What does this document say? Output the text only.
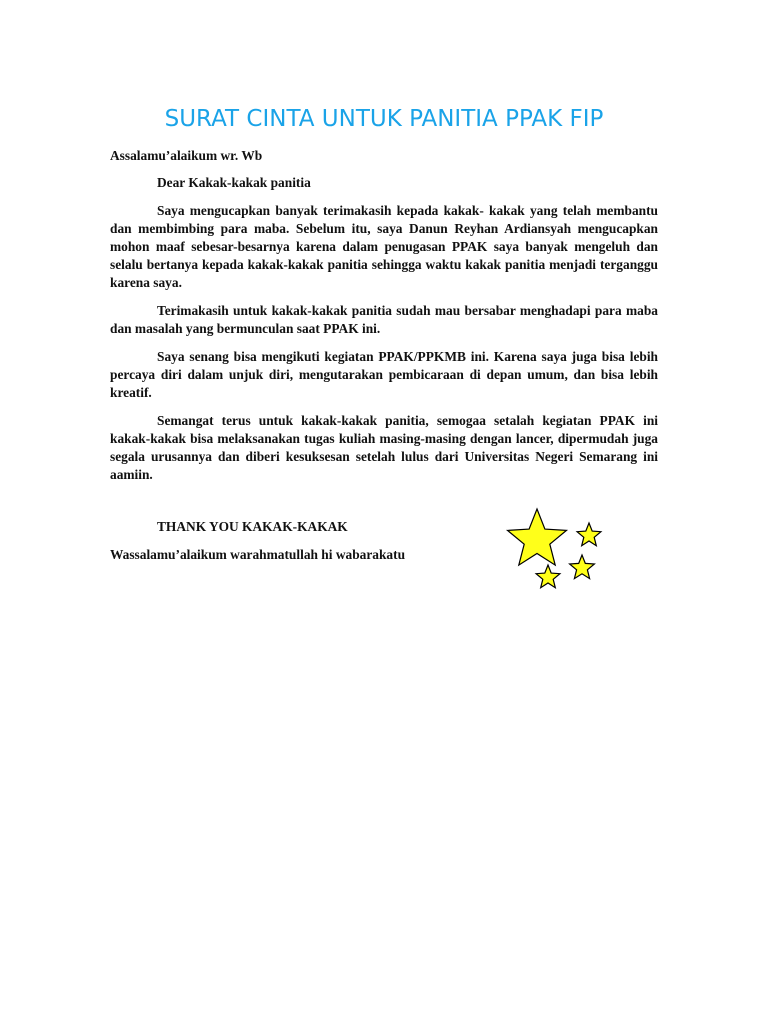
SURAT CINTA UNTUK PANITIA PPAK FIP
Assalamu’alaikum wr. Wb
Dear Kakak-kakak panitia
Saya mengucapkan banyak terimakasih kepada kakak- kakak yang telah membantu dan membimbing para maba. Sebelum itu, saya Danun Reyhan Ardiansyah mengucapkan mohon maaf sebesar-besarnya karena dalam penugasan PPAK saya banyak mengeluh dan selalu bertanya kepada kakak-kakak panitia sehingga waktu kakak panitia menjadi terganggu karena saya.
Terimakasih untuk kakak-kakak panitia sudah mau bersabar menghadapi para maba dan masalah yang bermunculan saat PPAK ini.
Saya senang bisa mengikuti kegiatan PPAK/PPKMB ini. Karena saya juga bisa lebih percaya diri dalam unjuk diri, mengutarakan pembicaraan di depan umum, dan bisa lebih kreatif.
Semangat terus untuk kakak-kakak panitia, semogaa setalah kegiatan PPAK ini kakak-kakak bisa melaksanakan tugas kuliah masing-masing dengan lancer, dipermudah juga segala urusannya dan diberi kesuksesan setelah lulus dari Universitas Negeri Semarang ini aamiin.
THANK YOU KAKAK-KAKAK
Wassalamu’alaikum warahmatullah hi wabarakatu
